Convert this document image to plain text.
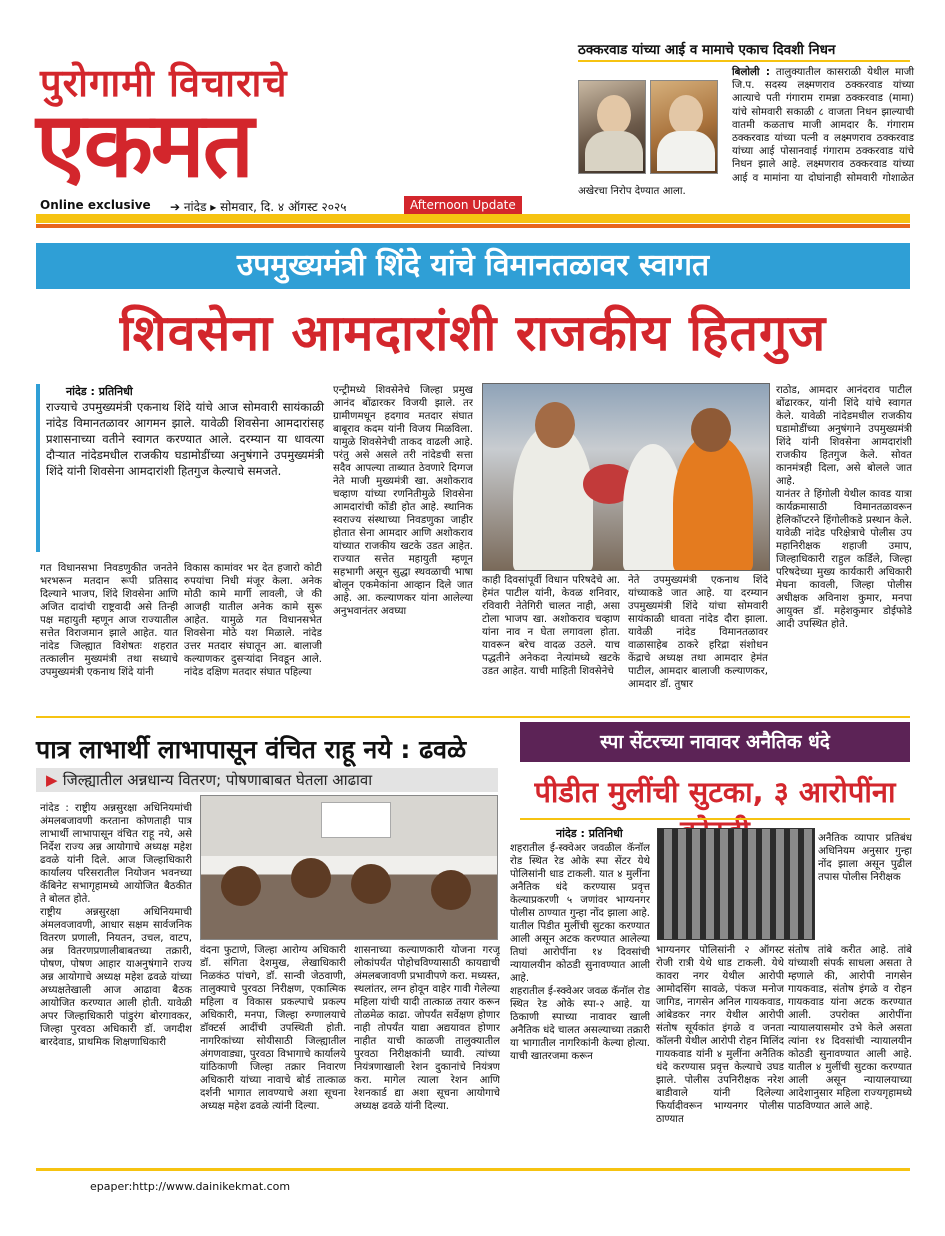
पुरोगामी विचाराचे
एकमत
Online exclusive ➔ नांदेड ▸ सोमवार, दि. ४ ऑगस्ट २०२५	Afternoon Update
ठक्करवाड यांच्या आई व मामाचे एकाच दिवशी निधन
बिलोली : तालुक्यातील कासराळी येथील माजी जि.प. सदस्य लक्ष्मणराव ठक्करवाड यांच्या आत्याचे पती गंगाराम रामन्ना ठक्करवाड (मामा) यांचे सोमवारी सकाळी ८ वाजता निधन झाल्याची वातमी कळताच माजी आमदार कै. गंगाराम ठक्करवाड यांच्या पत्नी व लक्ष्मणराव ठक्करवाड यांच्या आई पोसानवाई गंगाराम ठक्करवाड यांचे निधन झाले आहे. लक्ष्मणराव ठक्करवाड यांच्या आई व मामांना या दोघांनाही सोमवारी गोशाळेत अखेरचा निरोप देण्यात आला.
उपमुख्यमंत्री शिंदे यांचे विमानतळावर स्वागत
शिवसेना आमदारांशी राजकीय हितगुज
नांदेड : प्रतिनिधी
राज्याचे उपमुख्यमंत्री एकनाथ शिंदे यांचे आज सोमवारी सायंकाळी नांदेड विमानतळावर आगमन झाले. यावेळी शिवसेना आमदारांसह प्रशासनाच्या वतीने स्वागत करण्यात आले. दरम्यान या धावत्या दौऱ्यात नांदेडमधील राजकीय घडामोडींच्या अनुषंगाने उपमुख्यमंत्री शिंदे यांनी शिवसेना आमदारांशी हितगुज केल्याचे समजते.

गत विधानसभा निवडणुकीत जनतेने भरभरून मतदान रूपी प्रतिसाद दिल्याने भाजप, शिंदे शिवसेना आणि अजित दादांची राष्ट्रवादी असे तिन्ही पक्ष महायुती म्हणून आज राज्यातील सत्तेत विराजमान झाले आहेत. यात नांदेड जिल्ह्यात विशेषतः शहरात तत्कालीन मुख्यमंत्री तथा सध्याचे उपमुख्यमंत्री एकनाथ शिंदे यांनी

विकास कामांवर भर देत हजारो कोटी रुपयांचा निधी मंजूर केला. अनेक मोठी कामे मार्गी लावली, जे की आजही यातील अनेक कामे सुरू आहेत. यामुळे गत विधानसभेत शिवसेना मोठे यश मिळाले. नांदेड उत्तर मतदार संघातून आ. बालाजी कल्याणकर दुसऱ्यांदा निवडून आले. नांदेड दक्षिण मतदार संघात पहिल्या

एन्ट्रीमध्ये शिवसेनेचे जिल्हा प्रमुख आनंद बोंढारकर विजयी झाले. तर ग्रामीणमधून हदगाव मतदार संघात बाबूराव कदम यांनी विजय मिळविला. यामुळे शिवसेनेची ताकद वाढली आहे. परंतु असे असले तरी नांदेडची सत्ता सदैव आपल्या ताब्यात ठेवणारे दिग्गज नेते माजी मुख्यमंत्री खा. अशोकराव चव्हाण यांच्या रणनितीमुळे शिवसेना आमदारांची कोंडी होत आहे. स्थानिक स्वराज्य संस्थाच्या निवडणुका जाहीर होतात सेना आमदार आणि अशोकराव यांच्यात राजकीय खटके उडत आहेत. राज्यात सत्तेत महायुती म्हणून सहभागी असून सुद्धा स्थवळाची भाषा बोलून एकमेकांना आव्हान दिले जात आहे. आ. कल्याणकर यांना आलेल्या अनुभवानंतर अवघ्या

काही दिवसांपूर्वी विधान परिषदेचे आ. हेमंत पाटील यांनी, केवळ शनिवार, रविवारी नेतेगिरी चालत नाही, असा टोला भाजप खा. अशोकराव चव्हाण यांना नाव न घेता लगावला होता. यावरून बरेच वादळ उठले. याच पद्धतीने अनेकदा नेत्यांमध्ये खटके उडत आहेत. याची माहिती शिवसेनेचे

नेते उपमुख्यमंत्री एकनाथ शिंदे यांच्याकडे जात आहे. या दरम्यान उपमुख्यमंत्री शिंदे यांचा सोमवारी सायंकाळी धावता नांदेड दौरा झाला. यावेळी नांदेड विमानतळावर वाळासाहेब ठाकरे हरिद्रा संशोधन केंद्राचे अध्यक्ष तथा आमदार हेमंत पाटील, आमदार बालाजी कल्याणकर, आमदार डॉ. तुषार

राठोड, आमदार आनंदराव पाटील बोंढारकर, यांनी शिंदे यांचे स्वागत केले. यावेळी नांदेडमधील राजकीय घडामोडींच्या अनुषंगाने उपमुख्यमंत्री शिंदे यांनी शिवसेना आमदारांशी राजकीय हितगुज केले. सोवत कानमंत्रही दिला, असे बोलले जात आहे.
यानंतर ते हिंगोली येथील कावड यात्रा कार्यक्रमासाठी विमानतळावरून हेलिकॉप्टरने हिंगोलीकडे प्रस्थान केले. यावेळी नांदेड परिक्षेत्राचे पोलीस उप महानिरीक्षक शहाजी उमाप, जिल्हाधिकारी राहुल कर्डिले, जिल्हा परिषदेच्या मुख्य कार्यकारी अधिकारी मेघना कावली, जिल्हा पोलीस अधीक्षक अविनाश कुमार, मनपा आयुक्त डॉ. महेशकुमार डोईफोडे आदी उपस्थित होते.

पात्र लाभार्थी लाभापासून वंचित राहू नये : ढवळे
▶ जिल्ह्यातील अन्नधान्य वितरण; पोषणाबाबत घेतला आढावा

नांदेड : राष्ट्रीय अन्नसुरक्षा अधिनियमांची अंमलबजावणी करताना कोणताही पात्र लाभार्थी लाभापासून वंचित राहू नये, असे निर्देश राज्य अन्न आयोगाचे अध्यक्ष महेश ढवळे यांनी दिले. आज जिल्हाधिकारी कार्यालय परिसरातील नियोजन भवनच्या कॅबिनेट सभागृहामध्ये आयोजित बैठकीत ते बोलत होते.
राष्ट्रीय अन्नसुरक्षा अधिनियमाची अंमलवजावणी, आधार सक्षम सार्वजनिक वितरण प्रणाली, नियतन, उचल, वाटप, अन्न वितरणप्रणालीबाबतच्या तक्रारी, पोषण, पोषण आहार याअनुषंगाने राज्य अन्न आयोगाचे अध्यक्ष महेश ढवळे यांच्या अध्यक्षतेखाली आज आढावा बैठक आयोजित करण्यात आली होती. यावेळी अपर जिल्हाधिकारी पांडुरंग बोरगावकर, जिल्हा पुरवठा अधिकारी डॉ. जगदीश बारदेवाड, प्राथमिक शिक्षणाधिकारी

वंदना फुटाणे, जिल्हा आरोग्य अधिकारी डॉ. संगिता देशमुख, लेखाधिकारी निळकंठ पांचगे, डॉ. सान्वी जेठवाणी, तालुक्याचे पुरवठा निरीक्षण, एकात्मिक महिला व विकास प्रकल्पाचे प्रकल्प अधिकारी, मनपा, जिल्हा रुग्णालयाचे डॉक्टर्स आदींची उपस्थिती होती. नागरिकांच्या सोयीसाठी जिल्ह्यातील अंगणवाड्या, पुरवठा विभागाचे कार्यालये यांठिकाणी जिल्हा तक्रार निवारण अधिकारी यांच्या नावाचे बोर्ड तात्काळ दर्शनी भागात लावण्याचे अशा सूचना अध्यक्ष महेश ढवळे त्यांनी दिल्या.

शासनाच्या कल्याणकारी योजना गरजू लोकांपर्यंत पोहोचविण्यासाठी कायद्याची अंमलबजावणी प्रभावीपणे करा. मध्यस्त, स्थलांतर, लग्न होवून वाहेर गावी गेलेल्या महिला यांची यादी तात्काळ तयार करून तोळमेळ काढा. जोपर्यंत सर्वेक्षण होणार नाही तोपर्यंत याद्या अद्ययावत होणार नाहीत याची काळजी तालुक्यातील पुरवठा निरीक्षकांनी घ्यावी. त्यांच्या नियंत्रणाखाली रेशन दुकानांचे नियंत्रण करा. मागेल त्याला रेशन आणि रेशनकार्ड द्या अशा सूचना आयोगाचे अध्यक्ष ढवळे यांनी दिल्या.

स्पा सेंटरच्या नावावर अनैतिक धंदे
पीडीत मुलींची सुटका, ३ आरोपींना
नांदेड : प्रतिनिधी

शहरातील ई-स्क्वेअर जवळील कॅनॉल रोड स्थित रेड ओके स्पा सेंटर येथे पोलिसांनी धाड टाकली. यात ४ मुलींना अनैतिक धंदे करण्यास प्रवृत्त केल्याप्रकरणी ५ जणांवर भाग्यनगर पोलीस ठाण्यात गुन्हा नोंद झाला आहे. यातील पिडीत मुलींची सुटका करण्यात आली असून अटक करण्यात आलेल्या तिघां आरोपींना १४ दिवसांची न्यायालयीन कोठडी सुनावण्यात आली आहे.
शहरातील ई-स्क्वेअर जवळ कॅनॉल रोड स्थित रेड ओके स्पा-२ आहे. या ठिकाणी स्पाच्या नावावर खाली अनैतिक धंदे चालत असल्याच्या तक्रारी या भागातील नागरिकांनी केल्या होत्या. याची खातरजमा करून

भाग्यनगर पोलिसांनी २ ऑगस्ट रोजी रात्री येथे धाड टाकली. येथे कावरा नगर येथील आरोपी आमोदसिंग सावळे, पंकज मनोज जागिड, नागसेन अनिल गायकवाड, आंबेडकर नगर येथील आरोपी संतोष सूर्यकांत इंगळे व जनता कॉलनी येथील आरोपी रोहन मिलिंद गायकवाड यांनी ४ मुलींना अनैतिक धंदे करण्यास प्रवृत्त केल्याचे उघड झाले. पोलीस उपनिरीक्षक नरेश बाडीवाले यांनी दिलेल्या फिर्यादीवरून भाग्यनगर पोलीस ठाण्यात

अनैतिक व्यापार प्रतिबंध अधिनियम अनुसार गुन्हा नोंद झाला असून पुढील तपास पोलीस निरीक्षक

संतोष तांबे करीत आहे. तांबे यांच्याशी संपर्क साधला असता ते म्हणाले की, आरोपी नागसेन गायकवाड, संतोष इंगळे व रोहन गायकवाड यांना अटक करण्यात आली. उपरोक्त आरोपींना न्यायालयासमोर उभे केले असता त्यांना १४ दिवसांची न्यायालयीन कोठडी सुनावण्यात आली आहे. यातील ४ मुलींची सुटका करण्यात आली असून न्यायालयाच्या आदेशानुसार महिला राज्यगृहामध्ये पाठविण्यात आले आहे.

epaper:http://www.dainikekmat.com
